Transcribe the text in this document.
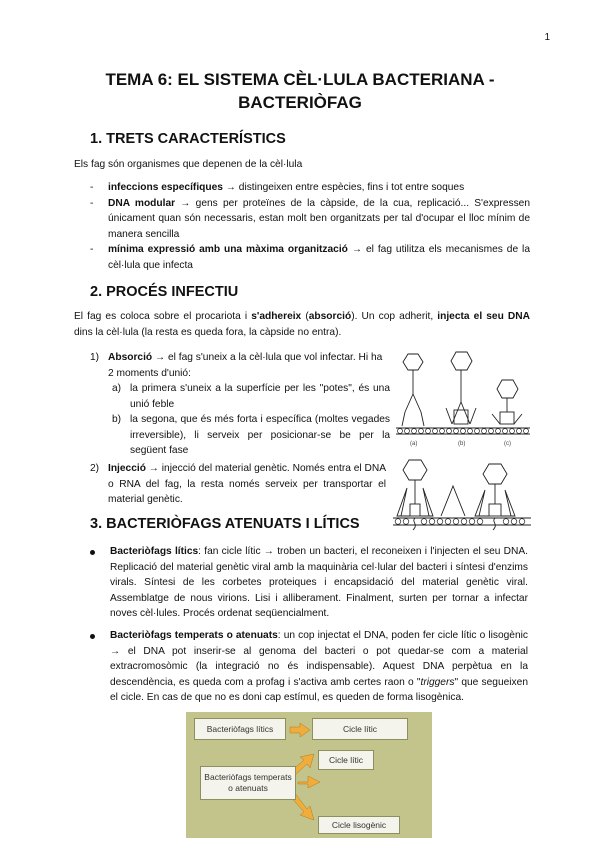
1
TEMA 6: EL SISTEMA CÈL·LULA BACTERIANA -
BACTERIÒFAG
1. TRETS CARACTERÍSTICS

Els fag són organismes que depenen de la cèl·lula

- infeccions específiques → distingeixen entre espècies, fins i tot entre soques
- DNA modular → gens per proteïnes de la càpside, de la cua, replicació... S'expressen únicament quan són necessaris, estan molt ben organitzats per tal d'ocupar el lloc mínim de manera sencilla
- mínima expressió amb una màxima organització → el fag utilitza els mecanismes de la cèl·lula que infecta
2. PROCÉS INFECTIU

El fag es coloca sobre el procariota i s'adhereix (absorció). Un cop adherit, injecta el seu DNA dins la cèl·lula (la resta es queda fora, la càpside no entra).

1) Absorció → el fag s'uneix a la cèl·lula que vol infectar. Hi ha 2 moments d'unió:
a) la primera s'uneix a la superfície per les "potes", és una unió feble
b) la segona, que és més forta i específica (moltes vegades irreversible), li serveix per posicionar-se be per la següent fase
(a)	(b)	(c)
2) Injecció → injecció del material genètic. Només entra el DNA o RNA del fag, la resta només serveix per transportar el material genètic.
3. BACTERIÒFAGS ATENUATS I LÍTICS

Bacteriòfags lítics: fan cicle lític → troben un bacteri, el reconeixen i l'injecten el seu DNA. Replicació del material genètic viral amb la maquinària cel·lular del bacteri i síntesi d'enzims virals. Síntesi de les corbetes proteiques i encapsidació del material genètic viral. Assemblatge de nous virions. Lisi i alliberament. Finalment, surten per tornar a infectar noves cèl·lules. Procés ordenat seqüencialment.

Bacteriòfags temperats o atenuats: un cop injectat el DNA, poden fer cicle lític o lisogènic → el DNA pot inserir-se al genoma del bacteri o pot quedar-se com a material extracromosòmic (la integració no és indispensable). Aquest DNA perpètua en la descendència, es queda com a profag i s'activa amb certes raon o "triggers" que segueixen el cicle. En cas de que no es doni cap estímul, es queden de forma lisogènica.

Bacteriòfags lítics	Cicle lític
Bacteriòfags temperats o atenuats
Cicle lític
Cicle lisogènic
